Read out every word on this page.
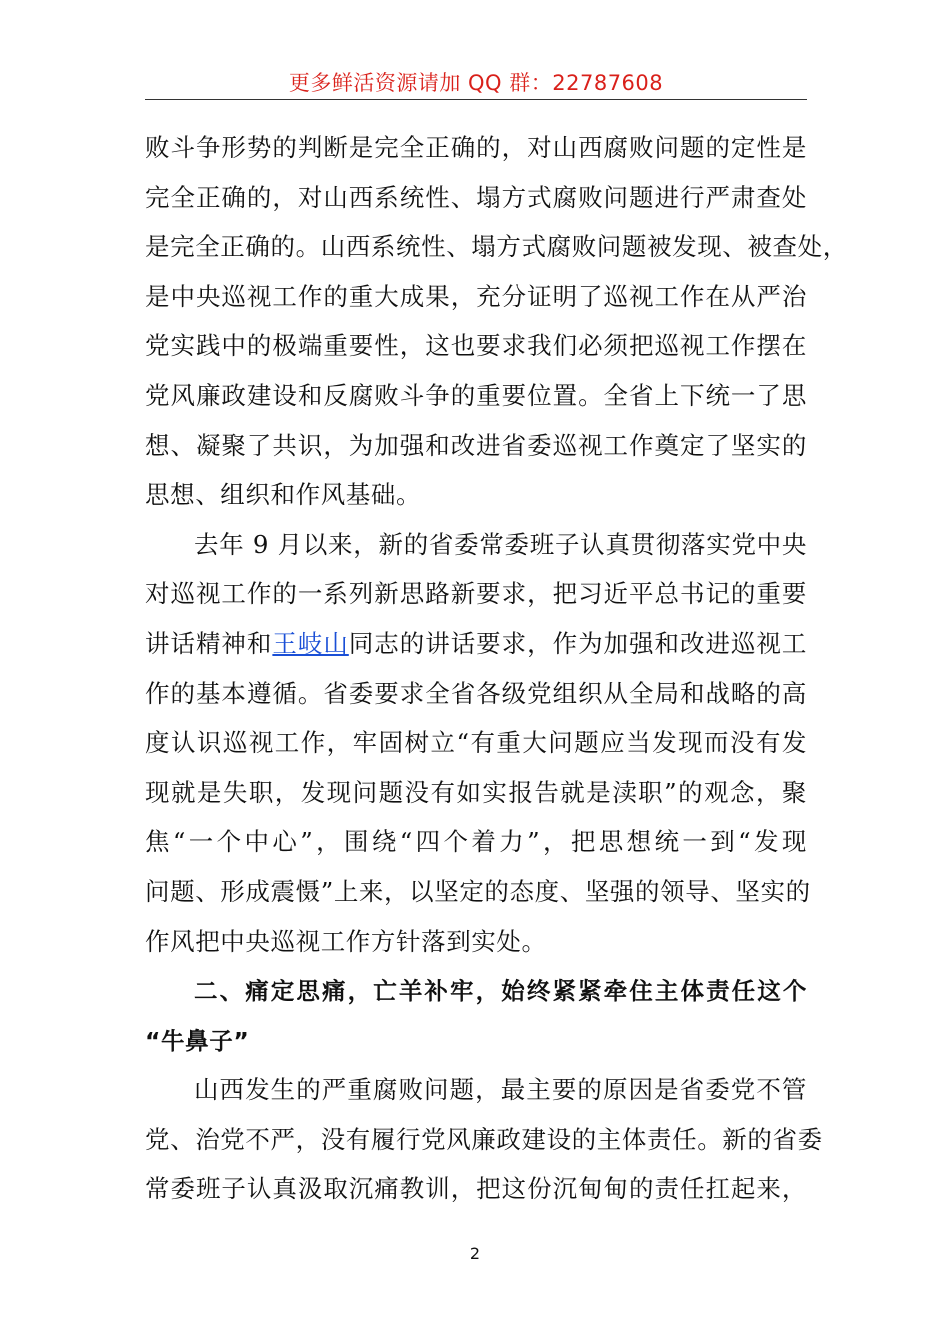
更多鲜活资源请加 QQ 群：22787608
败斗争形势的判断是完全正确的，对山西腐败问题的定性是
完全正确的，对山西系统性、塌方式腐败问题进行严肃查处
是完全正确的。山西系统性、塌方式腐败问题被发现、被查处，
是中央巡视工作的重大成果，充分证明了巡视工作在从严治
党实践中的极端重要性，这也要求我们必须把巡视工作摆在
党风廉政建设和反腐败斗争的重要位置。全省上下统一了思
想、凝聚了共识，为加强和改进省委巡视工作奠定了坚实的
思想、组织和作风基础。
去年 9 月以来，新的省委常委班子认真贯彻落实党中央
对巡视工作的一系列新思路新要求，把习近平总书记的重要
讲话精神和王岐山同志的讲话要求，作为加强和改进巡视工
作的基本遵循。省委要求全省各级党组织从全局和战略的高
度认识巡视工作，牢固树立“有重大问题应当发现而没有发
现就是失职，发现问题没有如实报告就是渎职”的观念，聚
焦“一个中心”，围绕“四个着力”，把思想统一到“发现
问题、形成震慑”上来，以坚定的态度、坚强的领导、坚实的
作风把中央巡视工作方针落到实处。
二、痛定思痛，亡羊补牢，始终紧紧牵住主体责任这个
“牛鼻子”
山西发生的严重腐败问题，最主要的原因是省委党不管
党、治党不严，没有履行党风廉政建设的主体责任。新的省委
常委班子认真汲取沉痛教训，把这份沉甸甸的责任扛起来，
2
